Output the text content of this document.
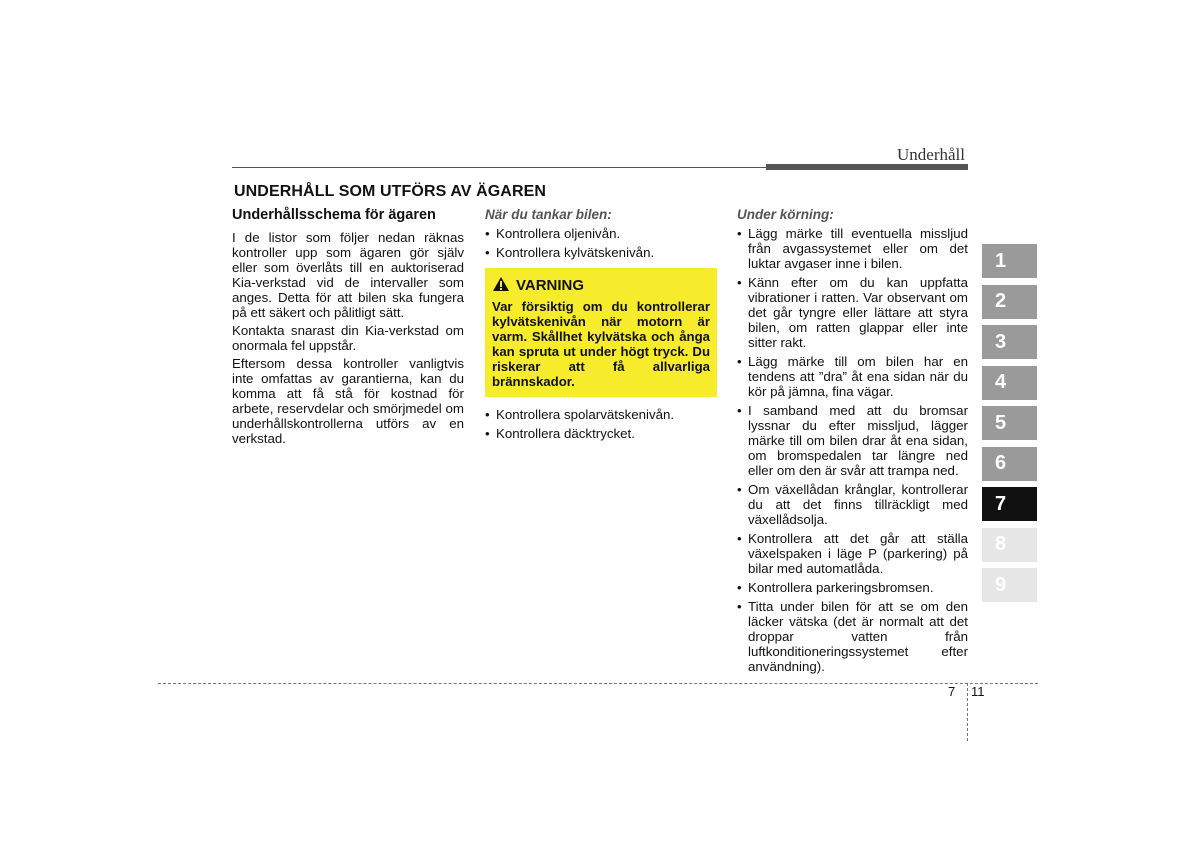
Underhåll
UNDERHÅLL SOM UTFÖRS AV ÄGAREN
Underhållsschema för ägaren

I de listor som följer nedan räknas kontroller upp som ägaren gör själv eller som överlåts till en auktoriserad Kia-verkstad vid de intervaller som anges. Detta för att bilen ska fungera på ett säkert och pålitligt sätt.

Kontakta snarast din Kia-verkstad om onormala fel uppstår.

Eftersom dessa kontroller vanligtvis inte omfattas av garantierna, kan du komma att få stå för kostnad för arbete, reservdelar och smörjmedel om underhållskontrollerna utförs av en verkstad.

När du tankar bilen:
• Kontrollera oljenivån.
• Kontrollera kylvätskenivån.
VARNING
Var försiktig om du kontrollerar kylvätskenivån när motorn är varm. Skållhet kylvätska och ånga kan spruta ut under högt tryck. Du riskerar att få allvarliga brännskador.
• Kontrollera spolarvätskenivån.
• Kontrollera däcktrycket.
Under körning:
• Lägg märke till eventuella missljud från avgassystemet eller om det luktar avgaser inne i bilen.
• Känn efter om du kan uppfatta vibrationer i ratten. Var observant om det går tyngre eller lättare att styra bilen, om ratten glappar eller inte sitter rakt.
• Lägg märke till om bilen har en tendens att ”dra” åt ena sidan när du kör på jämna, fina vägar.
• I samband med att du bromsar lyssnar du efter missljud, lägger märke till om bilen drar åt ena sidan, om bromspedalen tar längre ned eller om den är svår att trampa ned.
• Om växellådan krånglar, kontrollerar du att det finns tillräckligt med växellådsolja.
• Kontrollera att det går att ställa växelspaken i läge P (parkering) på bilar med automatlåda.
• Kontrollera parkeringsbromsen.
• Titta under bilen för att se om den läcker vätska (det är normalt att det droppar vatten från luftkonditioneringssystemet efter användning).
1
2
3
4
5
6
7
8
9
7 11
